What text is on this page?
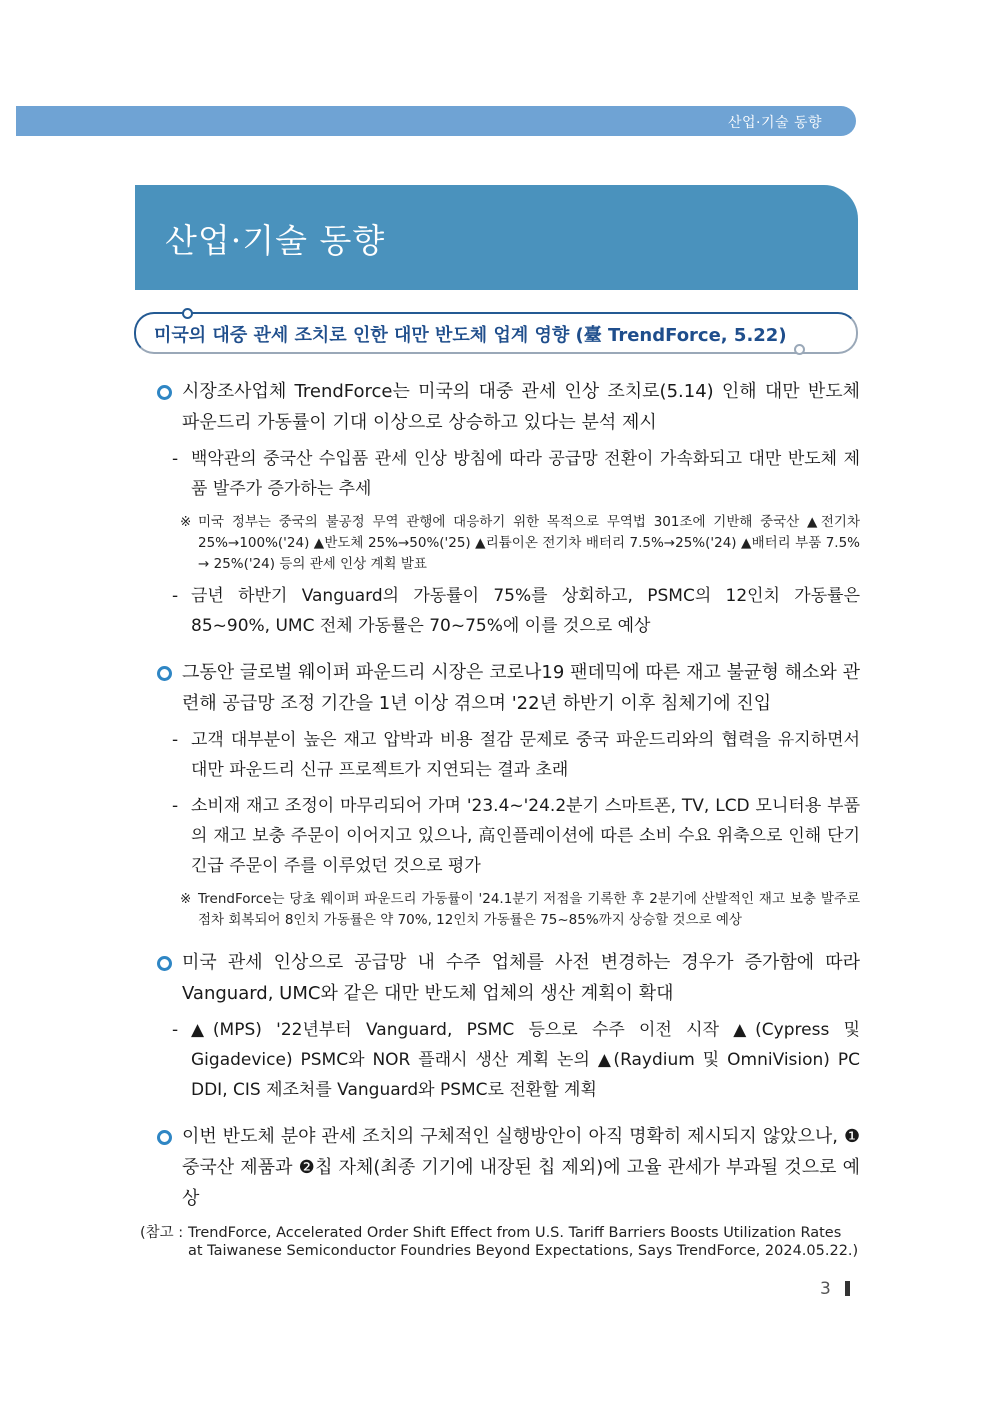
산업·기술 동향
산업·기술 동향
미국의 대중 관세 조치로 인한 대만 반도체 업계 영향 (臺 TrendForce, 5.22)
시장조사업체 TrendForce는 미국의 대중 관세 인상 조치로(5.14) 인해 대만 반도체 파운드리 가동률이 기대 이상으로 상승하고 있다는 분석 제시
- 백악관의 중국산 수입품 관세 인상 방침에 따라 공급망 전환이 가속화되고 대만 반도체 제품 발주가 증가하는 추세
※ 미국 정부는 중국의 불공정 무역 관행에 대응하기 위한 목적으로 무역법 301조에 기반해 중국산 ▲전기차 25%→100%('24) ▲반도체 25%→50%('25) ▲리튬이온 전기차 배터리 7.5%→25%('24) ▲배터리 부품 7.5% → 25%('24) 등의 관세 인상 계획 발표
- 금년 하반기 Vanguard의 가동률이 75%를 상회하고, PSMC의 12인치 가동률은 85~90%, UMC 전체 가동률은 70~75%에 이를 것으로 예상
그동안 글로벌 웨이퍼 파운드리 시장은 코로나19 팬데믹에 따른 재고 불균형 해소와 관련해 공급망 조정 기간을 1년 이상 겪으며 '22년 하반기 이후 침체기에 진입
- 고객 대부분이 높은 재고 압박과 비용 절감 문제로 중국 파운드리와의 협력을 유지하면서 대만 파운드리 신규 프로젝트가 지연되는 결과 초래
- 소비재 재고 조정이 마무리되어 가며 '23.4~'24.2분기 스마트폰, TV, LCD 모니터용 부품의 재고 보충 주문이 이어지고 있으나, 高인플레이션에 따른 소비 수요 위축으로 인해 단기 긴급 주문이 주를 이루었던 것으로 평가
※ TrendForce는 당초 웨이퍼 파운드리 가동률이 '24.1분기 저점을 기록한 후 2분기에 산발적인 재고 보충 발주로 점차 회복되어 8인치 가동률은 약 70%, 12인치 가동률은 75~85%까지 상승할 것으로 예상
미국 관세 인상으로 공급망 내 수주 업체를 사전 변경하는 경우가 증가함에 따라 Vanguard, UMC와 같은 대만 반도체 업체의 생산 계획이 확대
- ▲(MPS) '22년부터 Vanguard, PSMC 등으로 수주 이전 시작 ▲(Cypress 및 Gigadevice) PSMC와 NOR 플래시 생산 계획 논의 ▲(Raydium 및 OmniVision) PC DDI, CIS 제조처를 Vanguard와 PSMC로 전환할 계획
이번 반도체 분야 관세 조치의 구체적인 실행방안이 아직 명확히 제시되지 않았으나, ❶중국산 제품과 ❷칩 자체(최종 기기에 내장된 칩 제외)에 고율 관세가 부과될 것으로 예상
(참고 : TrendForce, Accelerated Order Shift Effect from U.S. Tariff Barriers Boosts Utilization Rates at Taiwanese Semiconductor Foundries Beyond Expectations, Says TrendForce, 2024.05.22.)
3
